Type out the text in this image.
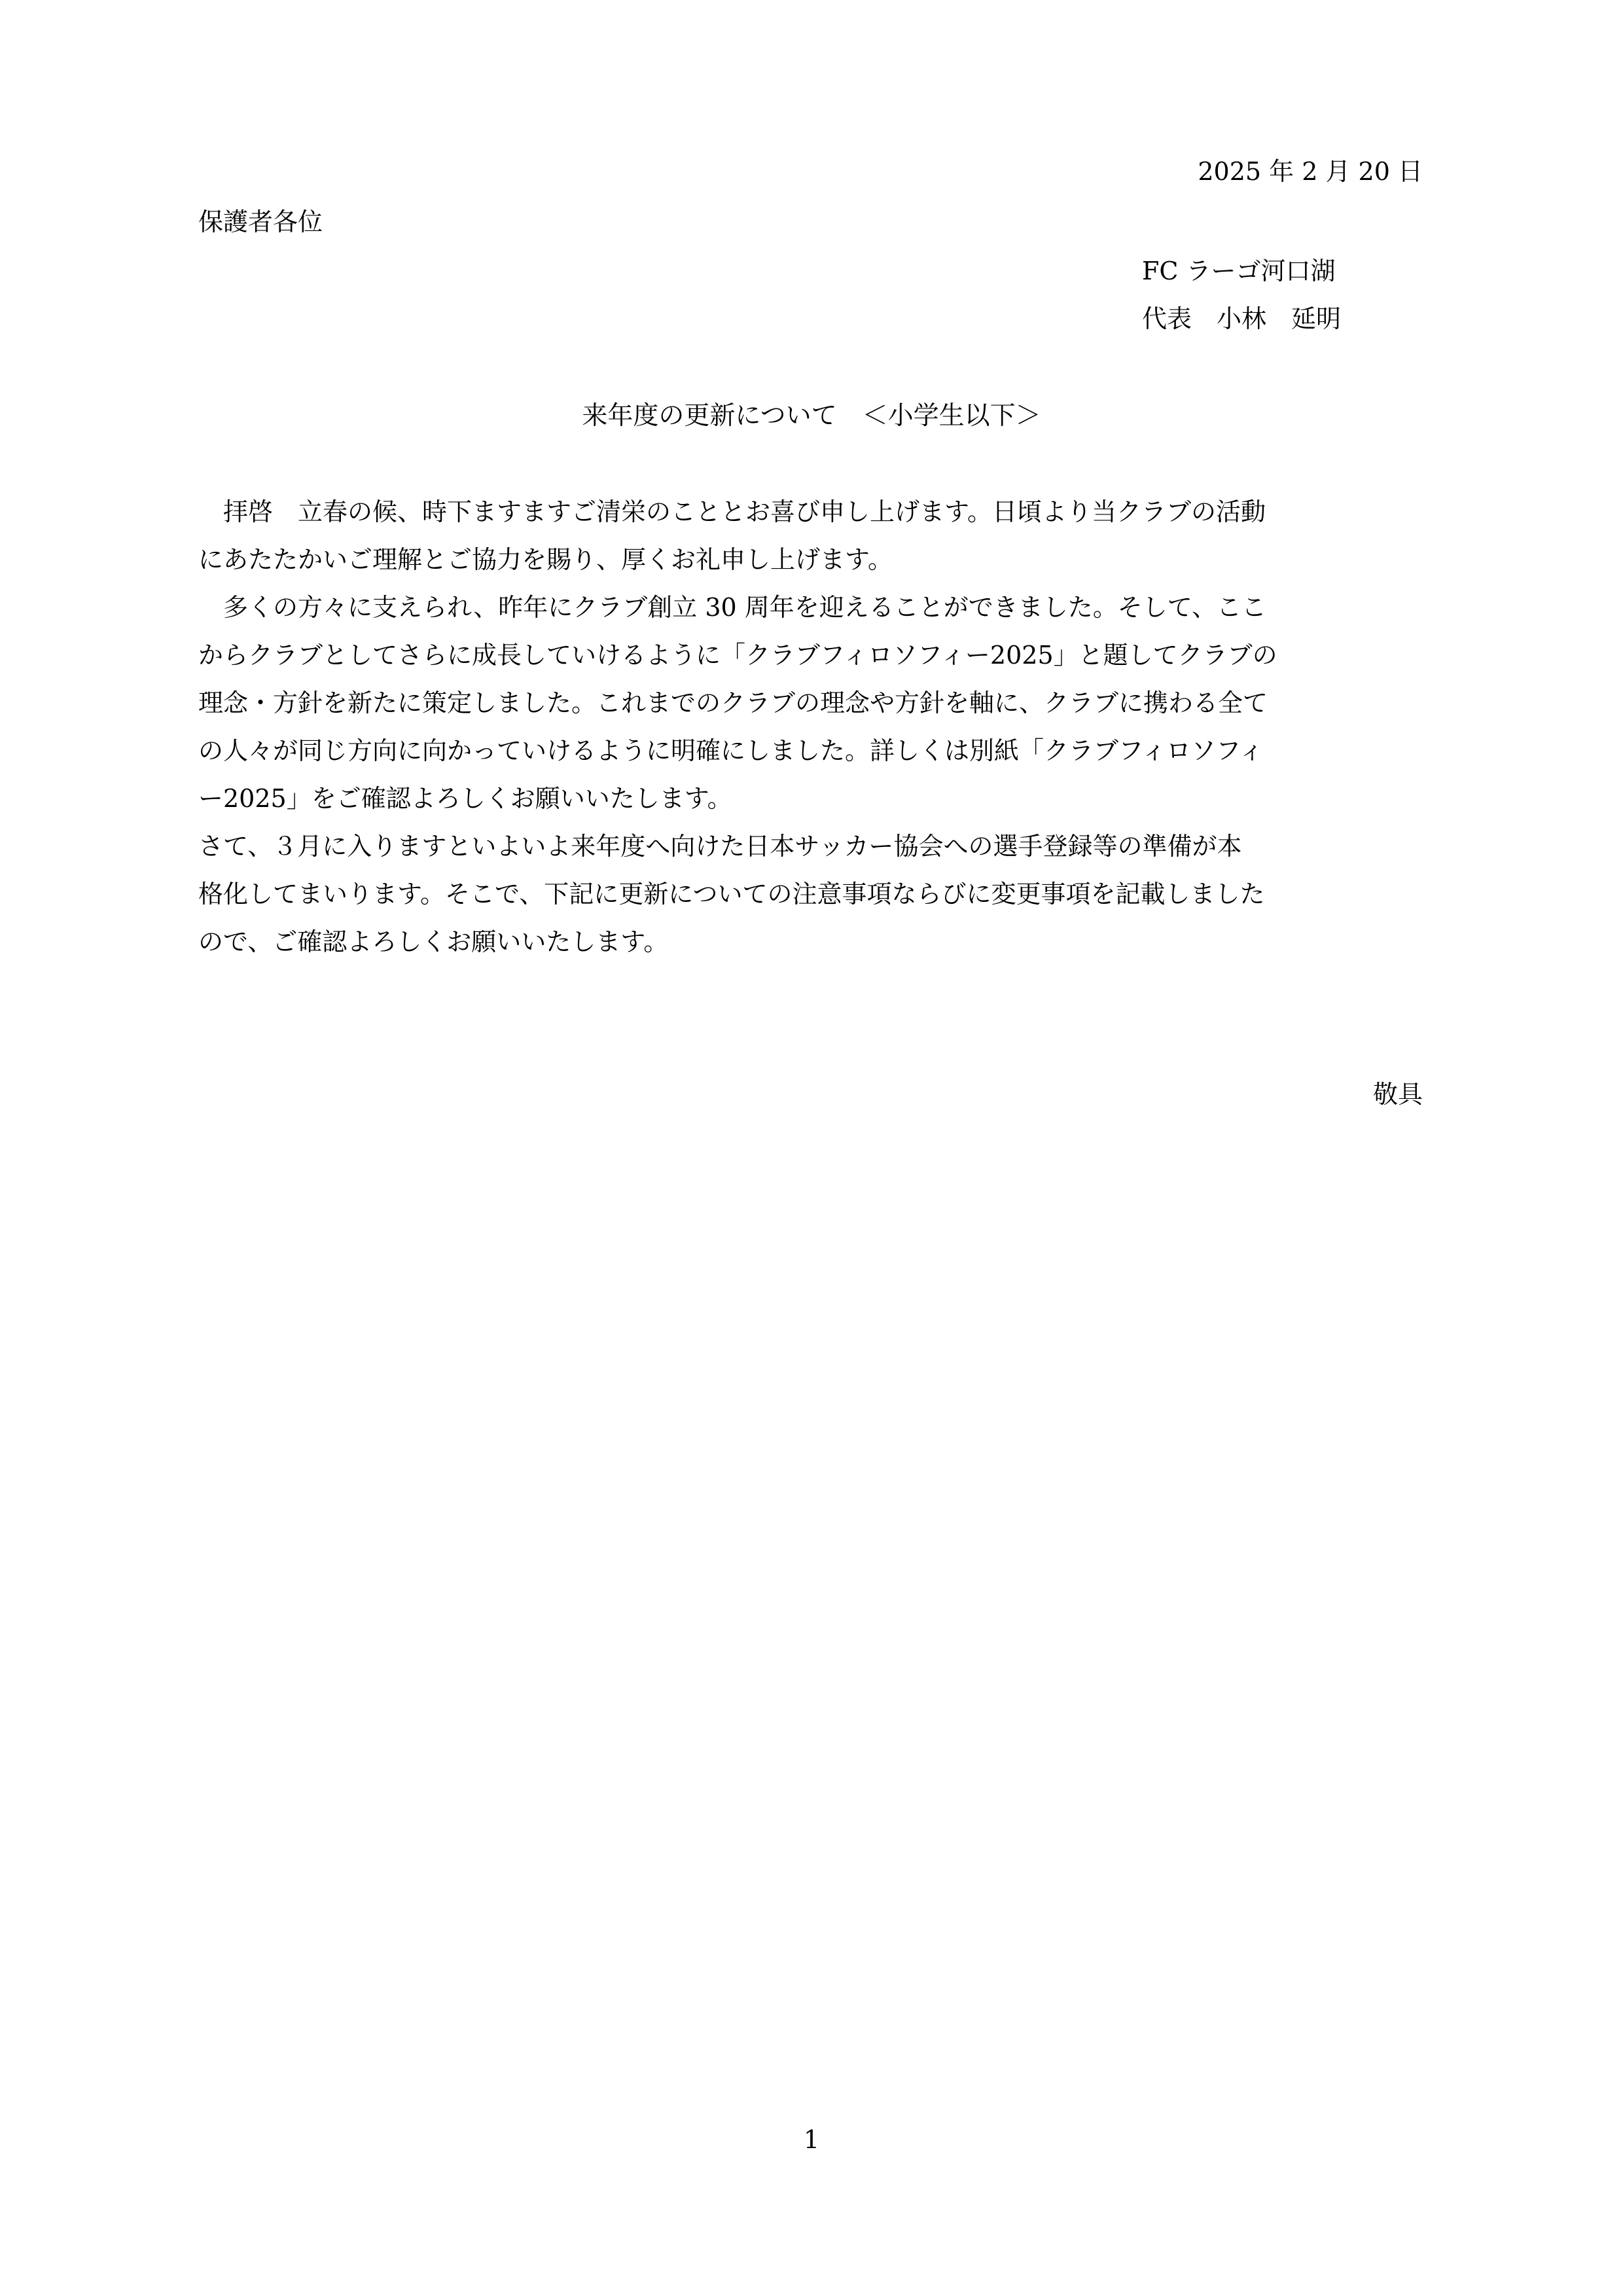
2025 年 2 月 20 日

保護者各位

FC ラーゴ河口湖

代表　小林　延明

来年度の更新について　＜小学生以下＞

　拝啓　立春の候、時下ますますご清栄のこととお喜び申し上げます。日頃より当クラブの活動
にあたたかいご理解とご協力を賜り、厚くお礼申し上げます。
　多くの方々に支えられ、昨年にクラブ創立 30 周年を迎えることができました。そして、ここ
からクラブとしてさらに成長していけるように「クラブフィロソフィー2025」と題してクラブの
理念・方針を新たに策定しました。これまでのクラブの理念や方針を軸に、クラブに携わる全て
の人々が同じ方向に向かっていけるように明確にしました。詳しくは別紙「クラブフィロソフィ
ー2025」をご確認よろしくお願いいたします。
さて、３月に入りますといよいよ来年度へ向けた日本サッカー協会への選手登録等の準備が本
格化してまいります。そこで、下記に更新についての注意事項ならびに変更事項を記載しました
ので、ご確認よろしくお願いいたします。

敬具

1
